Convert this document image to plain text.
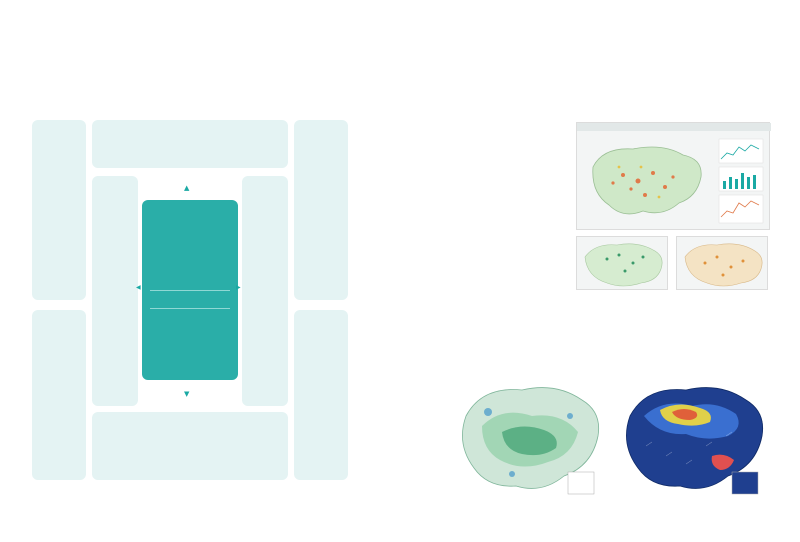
▲
▼
◀	▶
